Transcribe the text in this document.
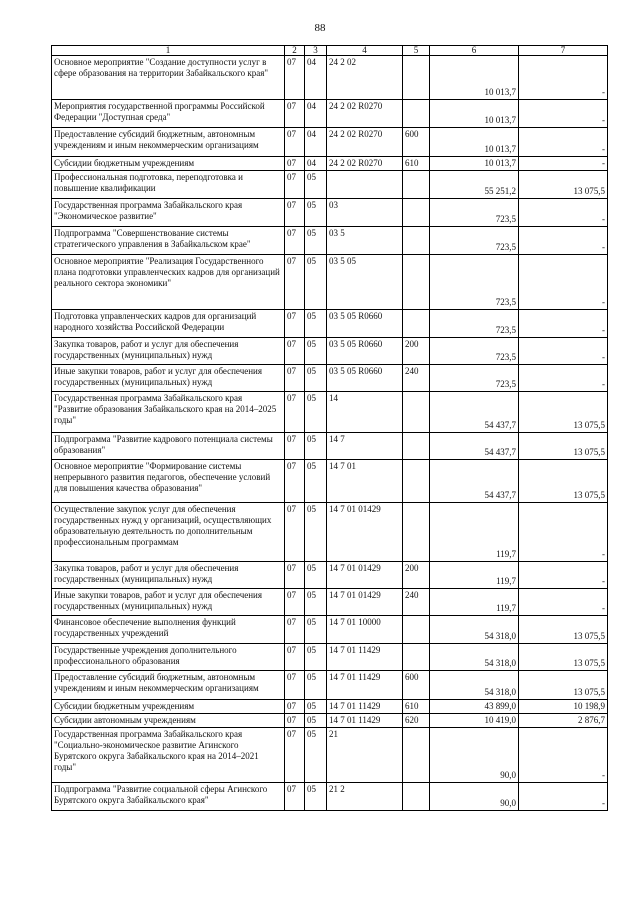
88
1	2	3	4	5	6	7
Основное мероприятие "Создание доступности услуг в сфере образования на территории Забайкальского края"	07	04	24 2 02		10 013,7	-
Мероприятия государственной программы Российской Федерации "Доступная среда"	07	04	24 2 02 R0270		10 013,7	-
Предоставление субсидий бюджетным, автономным учреждениям и иным некоммерческим организациям	07	04	24 2 02 R0270	600	10 013,7	-
Субсидии бюджетным учреждениям	07	04	24 2 02 R0270	610	10 013,7	-
Профессиональная подготовка, переподготовка и повышение квалификации	07	05			55 251,2	13 075,5
Государственная программа Забайкальского края "Экономическое развитие"	07	05	03		723,5	-
Подпрограмма "Совершенствование системы стратегического управления в Забайкальском крае"	07	05	03 5		723,5	-
Основное мероприятие "Реализация Государственного плана подготовки управленческих кадров для организаций реального сектора экономики"	07	05	03 5 05		723,5	-
Подготовка управленческих кадров для организаций народного хозяйства Российской Федерации	07	05	03 5 05 R0660		723,5	-
Закупка товаров, работ и услуг для обеспечения государственных (муниципальных) нужд	07	05	03 5 05 R0660	200	723,5	-
Иные закупки товаров, работ и услуг для обеспечения государственных (муниципальных) нужд	07	05	03 5 05 R0660	240	723,5	-
Государственная программа Забайкальского края "Развитие образования Забайкальского края на 2014–2025 годы"	07	05	14		54 437,7	13 075,5
Подпрограмма "Развитие кадрового потенциала системы образования"	07	05	14 7		54 437,7	13 075,5
Основное мероприятие "Формирование системы непрерывного развития педагогов, обеспечение условий для повышения качества образования"	07	05	14 7 01		54 437,7	13 075,5
Осуществление закупок услуг для обеспечения государственных нужд у организаций, осуществляющих образовательную деятельность по дополнительным профессиональным программам	07	05	14 7 01 01429		119,7	-
Закупка товаров, работ и услуг для обеспечения государственных (муниципальных) нужд	07	05	14 7 01 01429	200	119,7	-
Иные закупки товаров, работ и услуг для обеспечения государственных (муниципальных) нужд	07	05	14 7 01 01429	240	119,7	-
Финансовое обеспечение выполнения функций государственных учреждений	07	05	14 7 01 10000		54 318,0	13 075,5
Государственные учреждения дополнительного профессионального образования	07	05	14 7 01 11429		54 318,0	13 075,5
Предоставление субсидий бюджетным, автономным учреждениям и иным некоммерческим организациям	07	05	14 7 01 11429	600	54 318,0	13 075,5
Субсидии бюджетным учреждениям	07	05	14 7 01 11429	610	43 899,0	10 198,9
Субсидии автономным учреждениям	07	05	14 7 01 11429	620	10 419,0	2 876,7
Государственная программа Забайкальского края "Социально-экономическое развитие Агинского Бурятского округа Забайкальского края на 2014–2021 годы"	07	05	21		90,0	-
Подпрограмма "Развитие социальной сферы Агинского Бурятского округа Забайкальского края"	07	05	21 2		90,0	-
